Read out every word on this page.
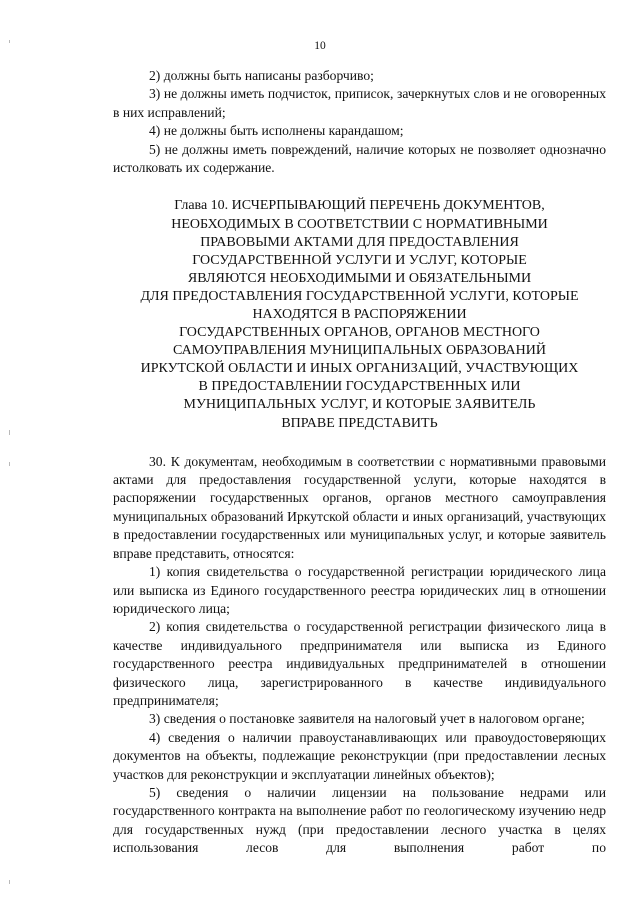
10

2) должны быть написаны разборчиво;

3) не должны иметь подчисток, приписок, зачеркнутых слов и не оговоренных в них исправлений;

4) не должны быть исполнены карандашом;

5) не должны иметь повреждений, наличие которых не позволяет однозначно истолковать их содержание.

Глава 10. ИСЧЕРПЫВАЮЩИЙ ПЕРЕЧЕНЬ ДОКУМЕНТОВ,
НЕОБХОДИМЫХ В СООТВЕТСТВИИ С НОРМАТИВНЫМИ
ПРАВОВЫМИ АКТАМИ ДЛЯ ПРЕДОСТАВЛЕНИЯ
ГОСУДАРСТВЕННОЙ УСЛУГИ И УСЛУГ, КОТОРЫЕ
ЯВЛЯЮТСЯ НЕОБХОДИМЫМИ И ОБЯЗАТЕЛЬНЫМИ
ДЛЯ ПРЕДОСТАВЛЕНИЯ ГОСУДАРСТВЕННОЙ УСЛУГИ, КОТОРЫЕ
НАХОДЯТСЯ В РАСПОРЯЖЕНИИ
ГОСУДАРСТВЕННЫХ ОРГАНОВ, ОРГАНОВ МЕСТНОГО
САМОУПРАВЛЕНИЯ МУНИЦИПАЛЬНЫХ ОБРАЗОВАНИЙ
ИРКУТСКОЙ ОБЛАСТИ И ИНЫХ ОРГАНИЗАЦИЙ, УЧАСТВУЮЩИХ
В ПРЕДОСТАВЛЕНИИ ГОСУДАРСТВЕННЫХ ИЛИ
МУНИЦИПАЛЬНЫХ УСЛУГ, И КОТОРЫЕ ЗАЯВИТЕЛЬ
ВПРАВЕ ПРЕДСТАВИТЬ

30. К документам, необходимым в соответствии с нормативными правовыми актами для предоставления государственной услуги, которые находятся в распоряжении государственных органов, органов местного самоуправления муниципальных образований Иркутской области и иных организаций, участвующих в предоставлении государственных или муниципальных услуг, и которые заявитель вправе представить, относятся:

1) копия свидетельства о государственной регистрации юридического лица или выписка из Единого государственного реестра юридических лиц в отношении юридического лица;

2) копия свидетельства о государственной регистрации физического лица в качестве индивидуального предпринимателя или выписка из Единого государственного реестра индивидуальных предпринимателей в отношении физического лица, зарегистрированного в качестве индивидуального предпринимателя;

3) сведения о постановке заявителя на налоговый учет в налоговом органе;

4) сведения о наличии правоустанавливающих или правоудостоверяющих документов на объекты, подлежащие реконструкции (при предоставлении лесных участков для реконструкции и эксплуатации линейных объектов);

5) сведения о наличии лицензии на пользование недрами или государственного контракта на выполнение работ по геологическому изучению недр для государственных нужд (при предоставлении лесного участка в целях использования лесов для выполнения работ по
